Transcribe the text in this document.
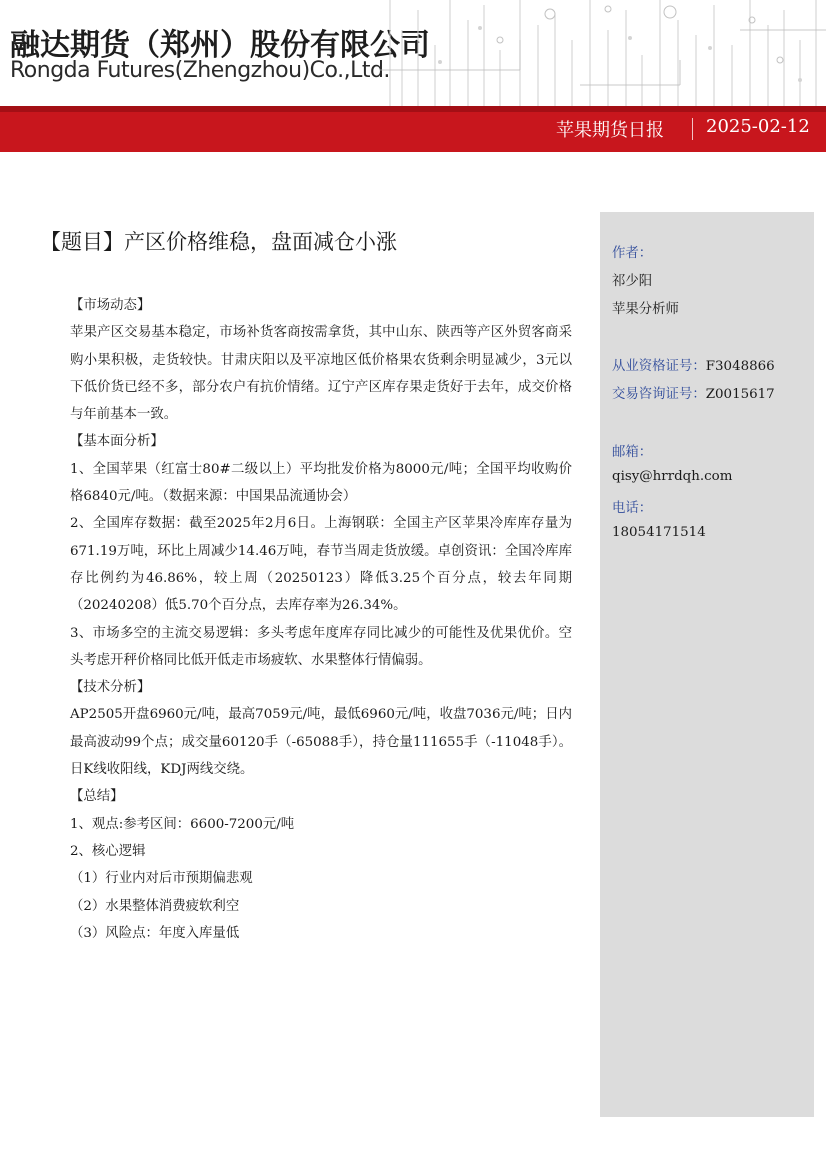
融达期货（郑州）股份有限公司
Rongda Futures(Zhengzhou)Co.,Ltd.
苹果期货日报 2025-02-12
【题目】产区价格维稳，盘面减仓小涨

【市场动态】

苹果产区交易基本稳定，市场补货客商按需拿货，其中山东、陕西等产区外贸客商采购小果积极，走货较快。甘肃庆阳以及平凉地区低价格果农货剩余明显减少，3元以下低价货已经不多，部分农户有抗价情绪。辽宁产区库存果走货好于去年，成交价格与年前基本一致。

【基本面分析】

1、全国苹果（红富士80#二级以上）平均批发价格为8000元/吨；全国平均收购价格6840元/吨。（数据来源：中国果品流通协会）

2、全国库存数据：截至2025年2月6日。上海钢联：全国主产区苹果冷库库存量为671.19万吨，环比上周减少14.46万吨，春节当周走货放缓。卓创资讯：全国冷库库存比例约为46.86%，较上周（20250123）降低3.25个百分点，较去年同期（20240208）低5.70个百分点，去库存率为26.34%。

3、市场多空的主流交易逻辑：多头考虑年度库存同比减少的可能性及优果优价。空头考虑开秤价格同比低开低走市场疲软、水果整体行情偏弱。

【技术分析】

AP2505开盘6960元/吨，最高7059元/吨，最低6960元/吨，收盘7036元/吨；日内最高波动99个点；成交量60120手（-65088手），持仓量111655手（-11048手）。日K线收阳线，KDJ两线交绕。

【总结】

1、观点:参考区间：6600-7200元/吨

2、核心逻辑

（1）行业内对后市预期偏悲观

（2）水果整体消费疲软利空

（3）风险点：年度入库量低

作者：
祁少阳
苹果分析师
从业资格证号：F3048866
交易咨询证号：Z0015617
邮箱：
qisy@hrrdqh.com
电话：
18054171514
